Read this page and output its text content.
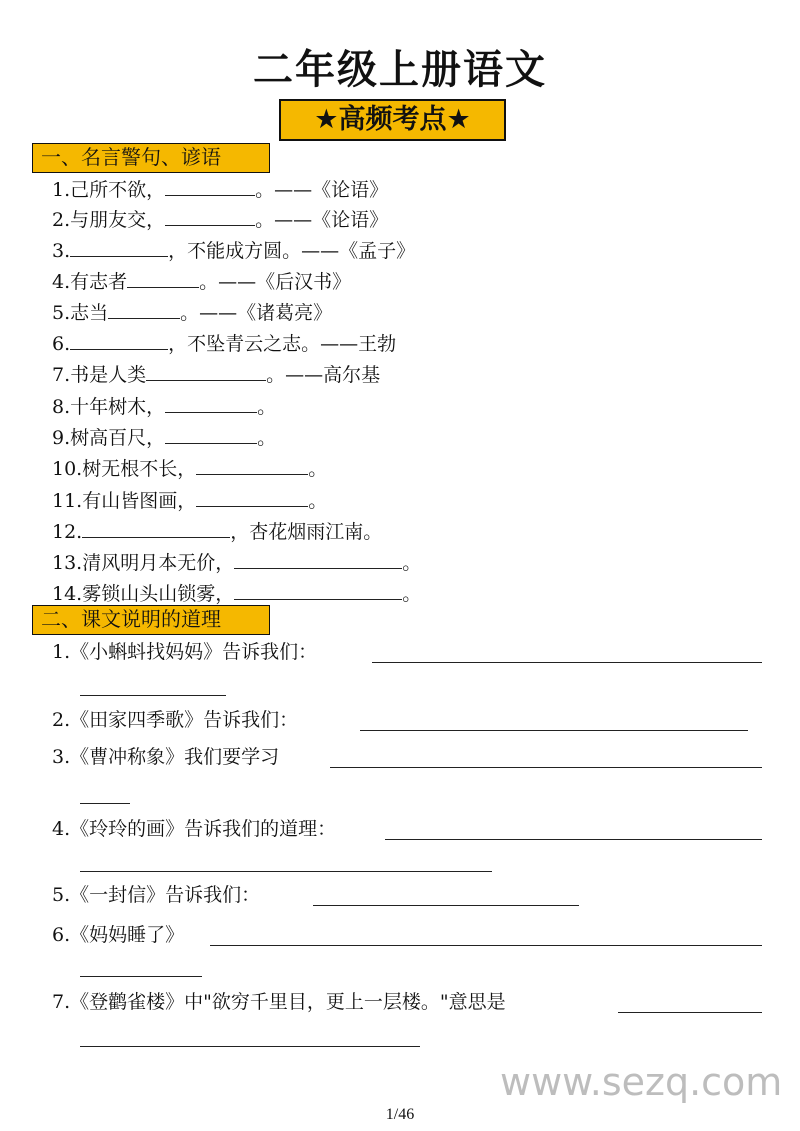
二年级上册语文
★高频考点★
一、名言警句、谚语
1.己所不欲，	。——《论语》
2.与朋友交，	。——《论语》
3.	，不能成方圆。——《孟子》
4.有志者	。——《后汉书》
5.志当	。——《诸葛亮》
6.	，不坠青云之志。——王勃
7.书是人类	。——高尔基
8.十年树木，	。
9.树高百尺，	。
10.树无根不长，	。
11.有山皆图画，	。
12.	，杏花烟雨江南。
13.清风明月本无价，	。
14.雾锁山头山锁雾，	。
二、课文说明的道理
1.《小蝌蚪找妈妈》告诉我们：
2.《田家四季歌》告诉我们：
3.《曹冲称象》我们要学习
4.《玲玲的画》告诉我们的道理：
5.《一封信》告诉我们：
6.《妈妈睡了》
7.《登鹳雀楼》中"欲穷千里目，更上一层楼。"意思是
www.sezq.com
1/46
